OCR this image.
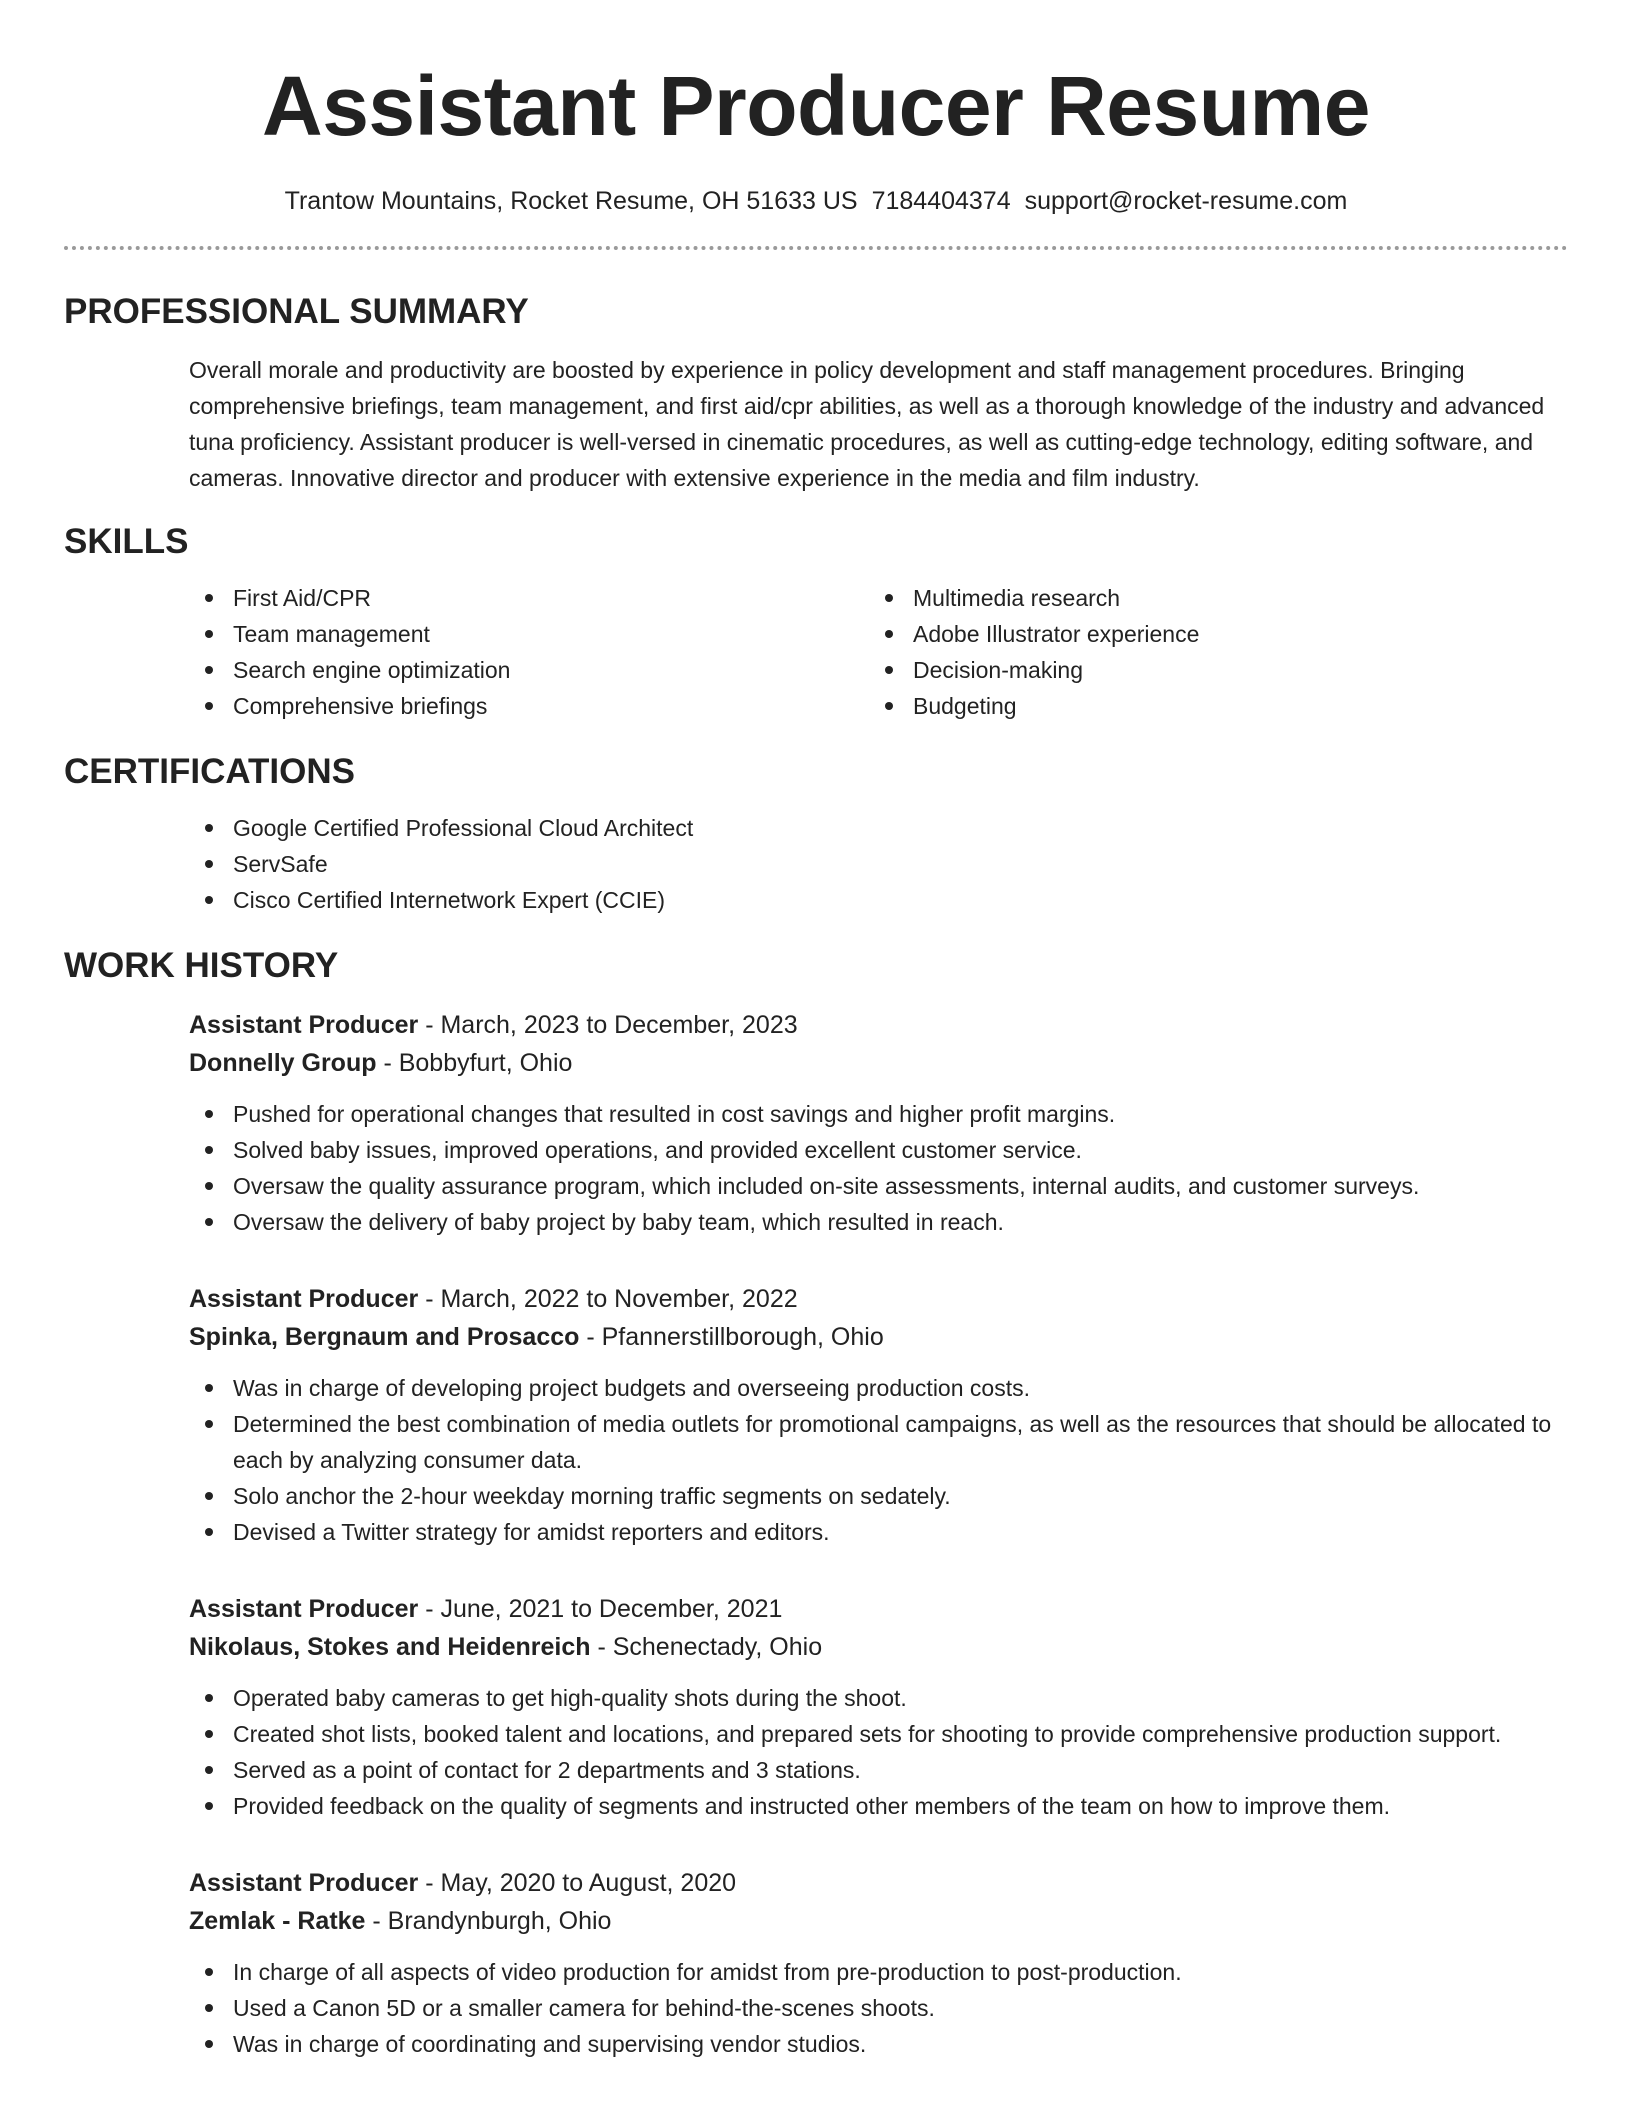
Assistant Producer Resume
Trantow Mountains, Rocket Resume, OH 51633 US 7184404374 support@rocket-resume.com
PROFESSIONAL SUMMARY

Overall morale and productivity are boosted by experience in policy development and staff management procedures. Bringing comprehensive briefings, team management, and first aid/cpr abilities, as well as a thorough knowledge of the industry and advanced tuna proficiency. Assistant producer is well-versed in cinematic procedures, as well as cutting-edge technology, editing software, and cameras. Innovative director and producer with extensive experience in the media and film industry.

SKILLS
First Aid/CPR
Team management
Search engine optimization
Comprehensive briefings
Multimedia research
Adobe Illustrator experience
Decision-making
Budgeting
CERTIFICATIONS
Google Certified Professional Cloud Architect
ServSafe
Cisco Certified Internetwork Expert (CCIE)
WORK HISTORY
Assistant Producer - March, 2023 to December, 2023
Donnelly Group - Bobbyfurt, Ohio
Pushed for operational changes that resulted in cost savings and higher profit margins.
Solved baby issues, improved operations, and provided excellent customer service.
Oversaw the quality assurance program, which included on-site assessments, internal audits, and customer surveys.
Oversaw the delivery of baby project by baby team, which resulted in reach.
Assistant Producer - March, 2022 to November, 2022
Spinka, Bergnaum and Prosacco - Pfannerstillborough, Ohio
Was in charge of developing project budgets and overseeing production costs.
Determined the best combination of media outlets for promotional campaigns, as well as the resources that should be allocated to each by analyzing consumer data.
Solo anchor the 2-hour weekday morning traffic segments on sedately.
Devised a Twitter strategy for amidst reporters and editors.
Assistant Producer - June, 2021 to December, 2021
Nikolaus, Stokes and Heidenreich - Schenectady, Ohio
Operated baby cameras to get high-quality shots during the shoot.
Created shot lists, booked talent and locations, and prepared sets for shooting to provide comprehensive production support.
Served as a point of contact for 2 departments and 3 stations.
Provided feedback on the quality of segments and instructed other members of the team on how to improve them.
Assistant Producer - May, 2020 to August, 2020
Zemlak - Ratke - Brandynburgh, Ohio
In charge of all aspects of video production for amidst from pre-production to post-production.
Used a Canon 5D or a smaller camera for behind-the-scenes shoots.
Was in charge of coordinating and supervising vendor studios.
